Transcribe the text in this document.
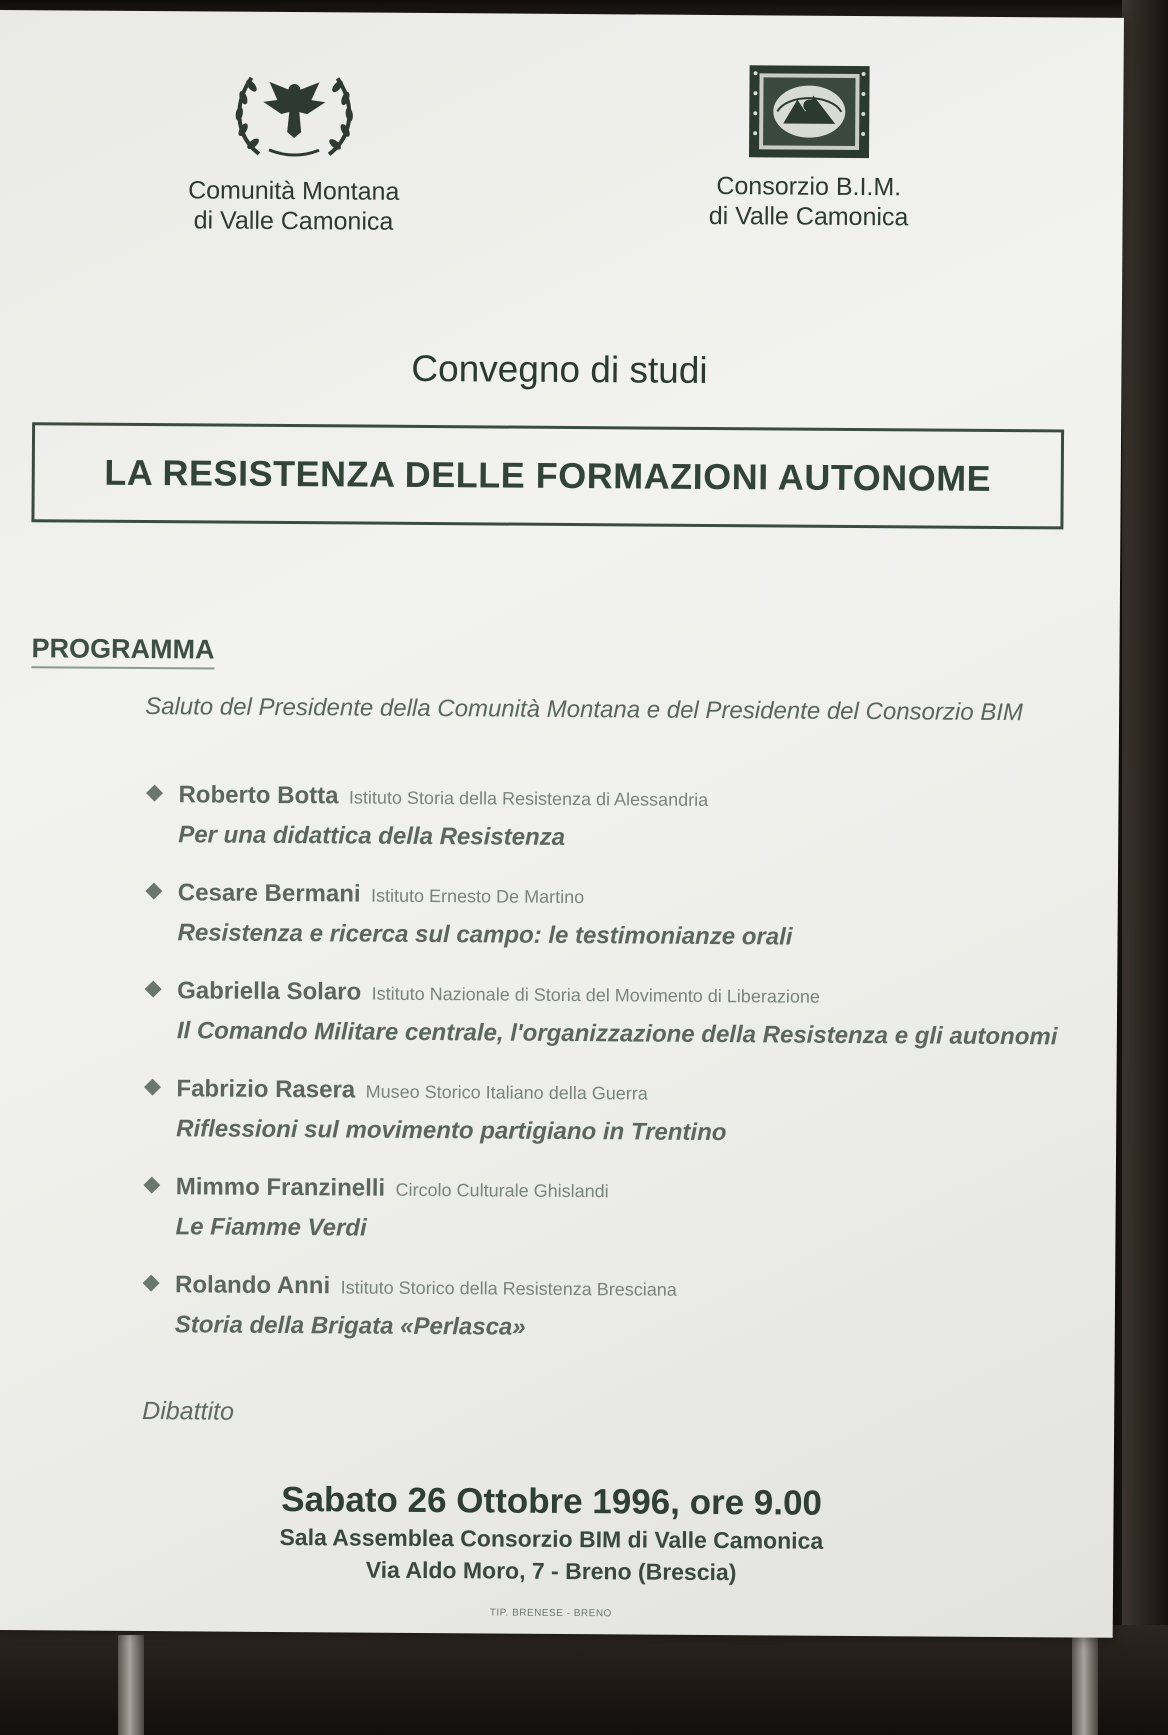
Comunità Montana
di Valle Camonica
Consorzio B.I.M.
di Valle Camonica
Convegno di studi
LA RESISTENZA DELLE FORMAZIONI AUTONOME
PROGRAMMA
Saluto del Presidente della Comunità Montana e del Presidente del Consorzio BIM
Roberto Botta Istituto Storia della Resistenza di Alessandria
Per una didattica della Resistenza
Cesare Bermani Istituto Ernesto De Martino
Resistenza e ricerca sul campo: le testimonianze orali
Gabriella Solaro Istituto Nazionale di Storia del Movimento di Liberazione
Il Comando Militare centrale, l'organizzazione della Resistenza e gli autonomi
Fabrizio Rasera Museo Storico Italiano della Guerra
Riflessioni sul movimento partigiano in Trentino
Mimmo Franzinelli Circolo Culturale Ghislandi
Le Fiamme Verdi
Rolando Anni Istituto Storico della Resistenza Bresciana
Storia della Brigata «Perlasca»
Dibattito
Sabato 26 Ottobre 1996, ore 9.00
Sala Assemblea Consorzio BIM di Valle Camonica
Via Aldo Moro, 7 - Breno (Brescia)
TIP. BRENESE - BRENO
